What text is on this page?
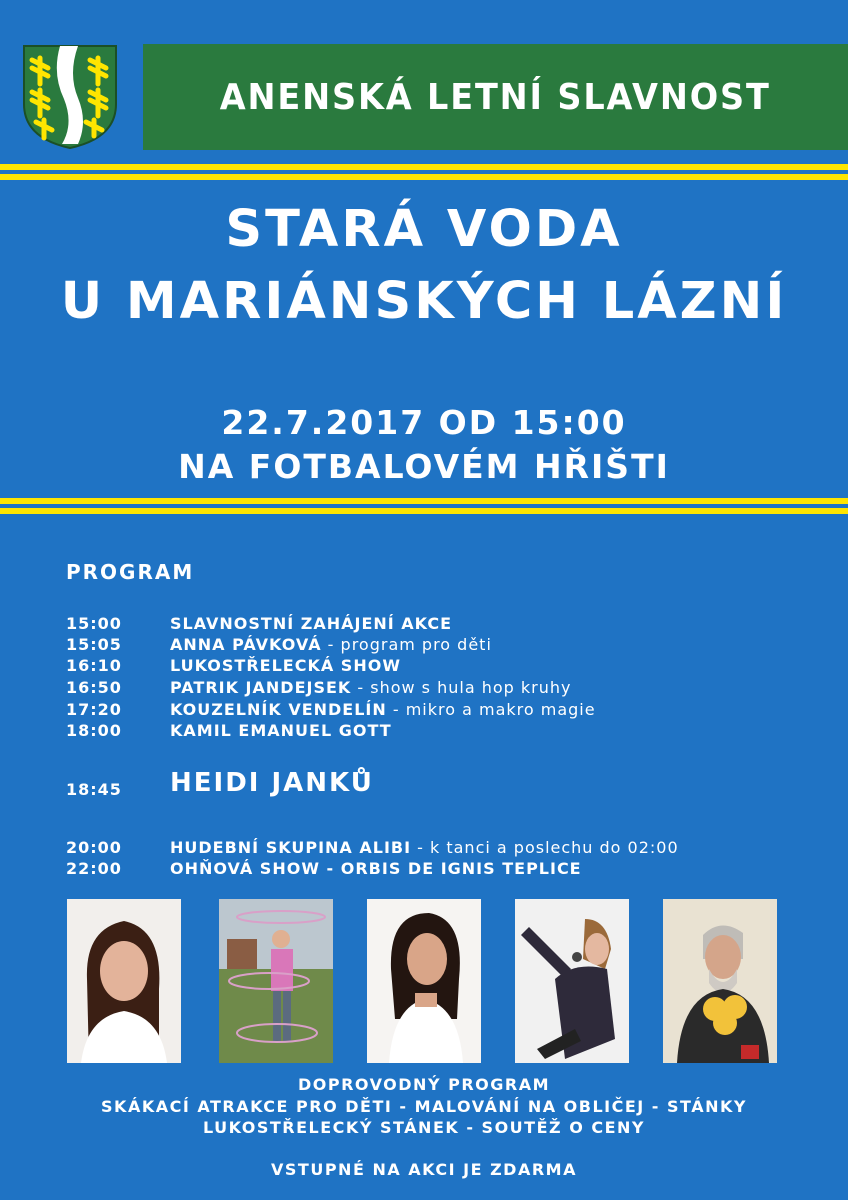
ANENSKÁ LETNÍ SLAVNOST
STARÁ VODA
U MARIÁNSKÝCH LÁZNÍ
22.7.2017 OD 15:00
NA FOTBALOVÉM HŘIŠTI
PROGRAM
15:00	SLAVNOSTNÍ ZAHÁJENÍ AKCE
15:05	ANNA PÁVKOVÁ - program pro děti
16:10	LUKOSTŘELECKÁ SHOW
16:50	PATRIK JANDEJSEK - show s hula hop kruhy
17:20	KOUZELNÍK VENDELÍN - mikro a makro magie
18:00	KAMIL EMANUEL GOTT
18:45	HEIDI JANKŮ
20:00	HUDEBNÍ SKUPINA ALIBI - k tanci a poslechu do 02:00
22:00	OHŇOVÁ SHOW - ORBIS DE IGNIS TEPLICE
DOPROVODNÝ PROGRAM
SKÁKACÍ ATRAKCE PRO DĚTI - MALOVÁNÍ NA OBLIČEJ - STÁNKY
LUKOSTŘELECKÝ STÁNEK - SOUTĚŽ O CENY
VSTUPNÉ NA AKCI JE ZDARMA
